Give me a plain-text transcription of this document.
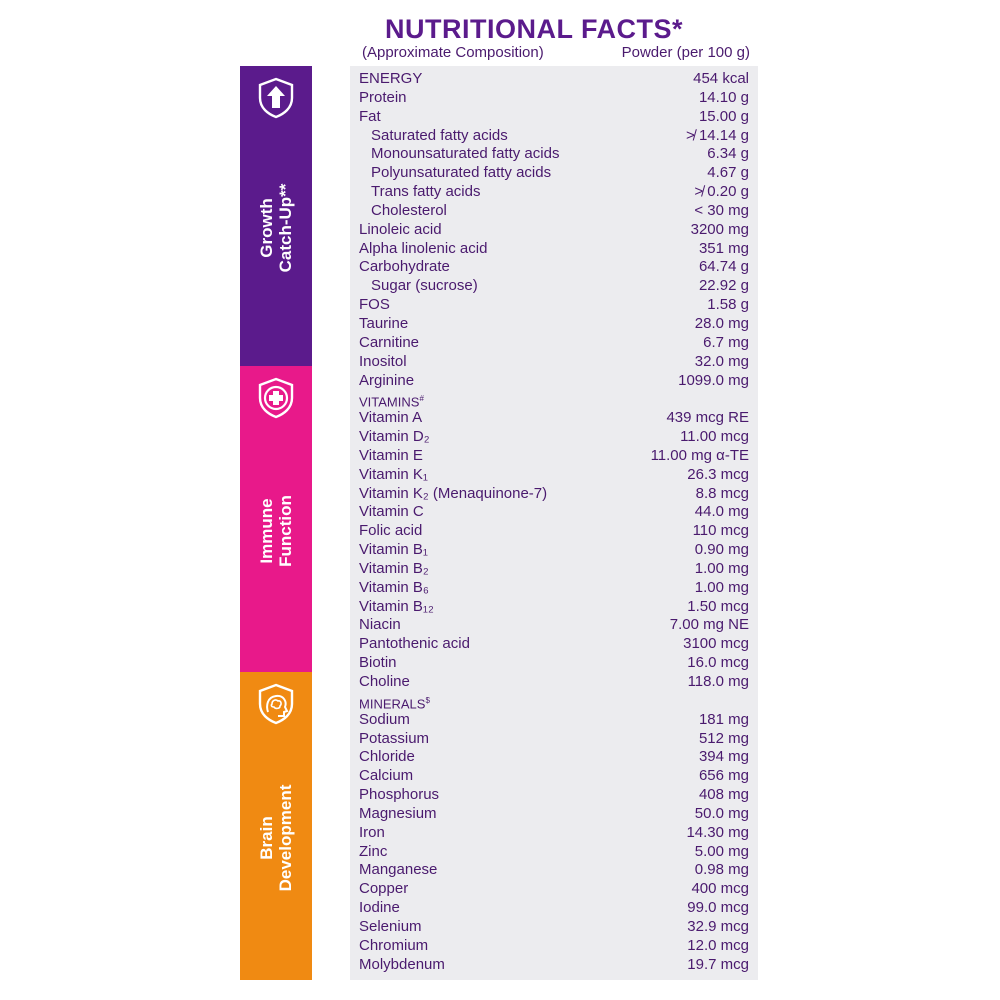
NUTRITIONAL FACTS*
(Approximate Composition)	Powder (per 100 g)
Growth Catch-Up**
Immune Function
Brain Development
ENERGY	454 kcal
Protein	14.10 g
Fat	15.00 g
Saturated fatty acids	≯ 14.14 g
Monounsaturated fatty acids	6.34 g
Polyunsaturated fatty acids	4.67 g
Trans fatty acids	≯ 0.20 g
Cholesterol	< 30 mg
Linoleic acid	3200 mg
Alpha linolenic acid	351 mg
Carbohydrate	64.74 g
Sugar (sucrose)	22.92 g
FOS	1.58 g
Taurine	28.0 mg
Carnitine	6.7 mg
Inositol	32.0 mg
Arginine	1099.0 mg
VITAMINS#
Vitamin A	439 mcg RE
Vitamin D₂	11.00 mcg
Vitamin E	11.00 mg α-TE
Vitamin K₁	26.3 mcg
Vitamin K₂ (Menaquinone-7)	8.8 mcg
Vitamin C	44.0 mg
Folic acid	110 mcg
Vitamin B₁	0.90 mg
Vitamin B₂	1.00 mg
Vitamin B₆	1.00 mg
Vitamin B₁₂	1.50 mcg
Niacin	7.00 mg NE
Pantothenic acid	3100 mcg
Biotin	16.0 mcg
Choline	118.0 mg
MINERALS$
Sodium	181 mg
Potassium	512 mg
Chloride	394 mg
Calcium	656 mg
Phosphorus	408 mg
Magnesium	50.0 mg
Iron	14.30 mg
Zinc	5.00 mg
Manganese	0.98 mg
Copper	400 mcg
Iodine	99.0 mcg
Selenium	32.9 mcg
Chromium	12.0 mcg
Molybdenum	19.7 mcg
